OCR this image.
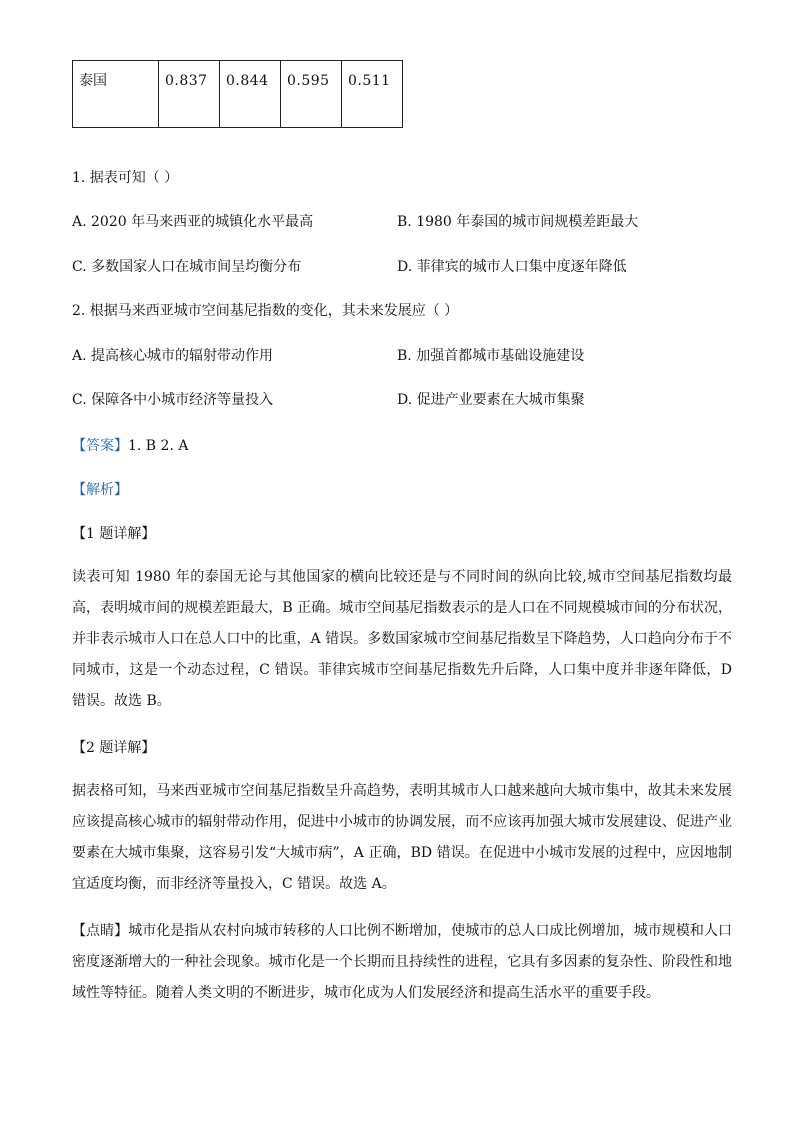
泰国	0.837	0.844	0.595	0.511
1. 据表可知（ ）
A. 2020 年马来西亚的城镇化水平最高	B. 1980 年泰国的城市间规模差距最大
C. 多数国家人口在城市间呈均衡分布	D. 菲律宾的城市人口集中度逐年降低
2. 根据马来西亚城市空间基尼指数的变化，其未来发展应（ ）
A. 提高核心城市的辐射带动作用	B. 加强首都城市基础设施建设
C. 保障各中小城市经济等量投入	D. 促进产业要素在大城市集聚
【答案】1. B 2. A
【解析】
【1 题详解】
读表可知 1980 年的泰国无论与其他国家的横向比较还是与不同时间的纵向比较,城市空间基尼指数均最高，表明城市间的规模差距最大，B 正确。城市空间基尼指数表示的是人口在不同规模城市间的分布状况，并非表示城市人口在总人口中的比重，A 错误。多数国家城市空间基尼指数呈下降趋势，人口趋向分布于不同城市，这是一个动态过程，C 错误。菲律宾城市空间基尼指数先升后降，人口集中度并非逐年降低，D 错误。故选 B。
【2 题详解】
据表格可知，马来西亚城市空间基尼指数呈升高趋势，表明其城市人口越来越向大城市集中，故其未来发展应该提高核心城市的辐射带动作用，促进中小城市的协调发展，而不应该再加强大城市发展建设、促进产业要素在大城市集聚，这容易引发“大城市病”，A 正确，BD 错误。在促进中小城市发展的过程中，应因地制宜适度均衡，而非经济等量投入，C 错误。故选 A。
【点睛】城市化是指从农村向城市转移的人口比例不断增加，使城市的总人口成比例增加，城市规模和人口密度逐渐增大的一种社会现象。城市化是一个长期而且持续性的进程，它具有多因素的复杂性、阶段性和地域性等特征。随着人类文明的不断进步，城市化成为人们发展经济和提高生活水平的重要手段。
